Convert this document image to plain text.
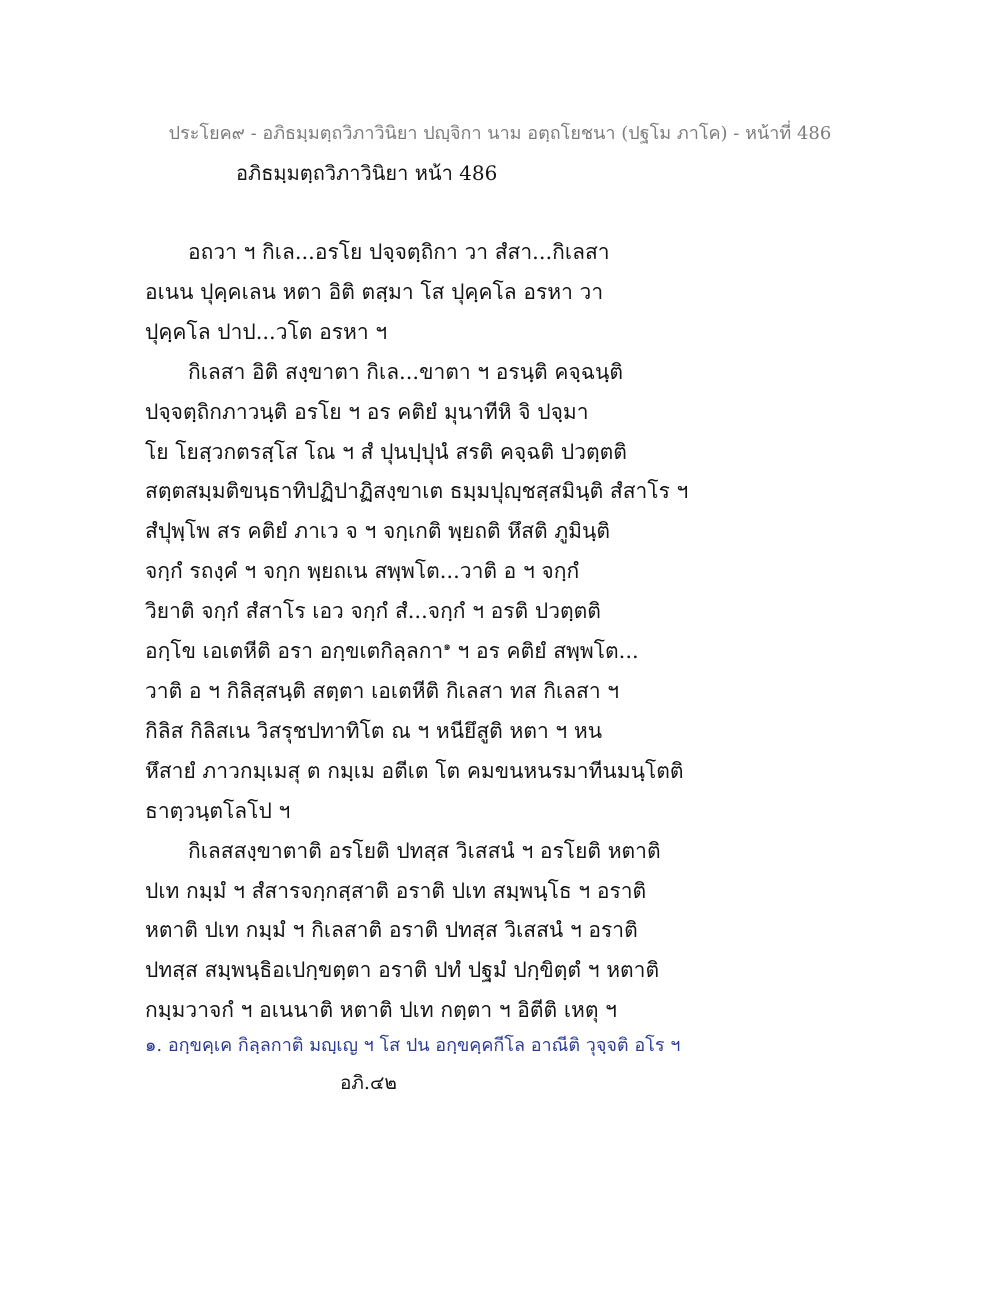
ประโยค๙ - อภิธมฺมตฺถวิภาวินิยา ปญฺจิกา นาม อตฺถโยชนา (ปฐโม ภาโค) - หน้าที่ 486
อภิธมฺมตฺถวิภาวินิยา หน้า 486

อถวา ฯ กิเล...อรโย ปจฺจตฺถิกา วา สํสา...กิเลสา
อเนน ปุคฺคเลน หตา อิติ ตสฺมา โส ปุคฺคโล อรหา วา
ปุคฺคโล ปาป...วโต อรหา ฯ

กิเลสา อิติ สงฺขาตา กิเล...ขาตา ฯ อรนฺติ คจฺฉนฺติ
ปจฺจตฺถิกภาวนฺติ อรโย ฯ อร คติยํ มุนาทีหิ จิ ปจฺมา
โย โยสฺวกตรสฺโส โณ ฯ สํ ปุนปฺปุนํ สรติ คจฺฉติ ปวตฺตติ
สตฺตสมฺมติขนฺธาทิปฏิปาฏิสงฺขาเต ธมฺมปุญฺชสฺสมินฺติ สํสาโร ฯ
สํปุพฺโพ สร คติยํ ภาเว จ ฯ จกฺเกติ พฺยถติ หึสติ ภูมินฺติ
จกฺกํ รถงฺคํ ฯ จกฺก พฺยถเน สพฺพโต...วาติ อ ฯ จกฺกํ
วิยาติ จกฺกํ สํสาโร เอว จกฺกํ สํ...จกฺกํ ฯ อรติ ปวตฺตติ
อกฺโข เอเตหีติ อรา อกฺขเตกิลฺลกา$^๑$ ฯ อร คติยํ สพฺพโต...
วาติ อ ฯ กิลิสฺสนฺติ สตฺตา เอเตหีติ กิเลสา ทส กิเลสา ฯ
กิลิส กิลิสเน วิสรุชปทาทิโต ณ ฯ หนียึสูติ หตา ฯ หน
หึสายํ ภาวกมฺเมสุ ต กมฺเม อตีเต โต คมขนหนรมาทีนมนฺโตติ
ธาตฺวนฺตโลโป ฯ

กิเลสสงฺขาตาติ อรโยติ ปทสฺส วิเสสนํ ฯ อรโยติ หตาติ
ปเท กมฺมํ ฯ สํสารจกฺกสฺสาติ อราติ ปเท สมฺพนฺโธ ฯ อราติ
หตาติ ปเท กมฺมํ ฯ กิเลสาติ อราติ ปทสฺส วิเสสนํ ฯ อราติ
ปทสฺส สมฺพนฺธิอเปกฺขตฺตา อราติ ปทํ ปฐมํ ปกฺขิตฺตํ ฯ หตาติ
กมฺมวาจกํ ฯ อเนนาติ หตาติ ปเท กตฺตา ฯ อิตีติ เหตุ ฯ

๑. อกฺขคฺเค กิลฺลกาติ มญฺเญ ฯ โส ปน อกฺขคฺคกีโล อาณีติ วุจฺจติ อโร ฯ
อภิ.๔๒
